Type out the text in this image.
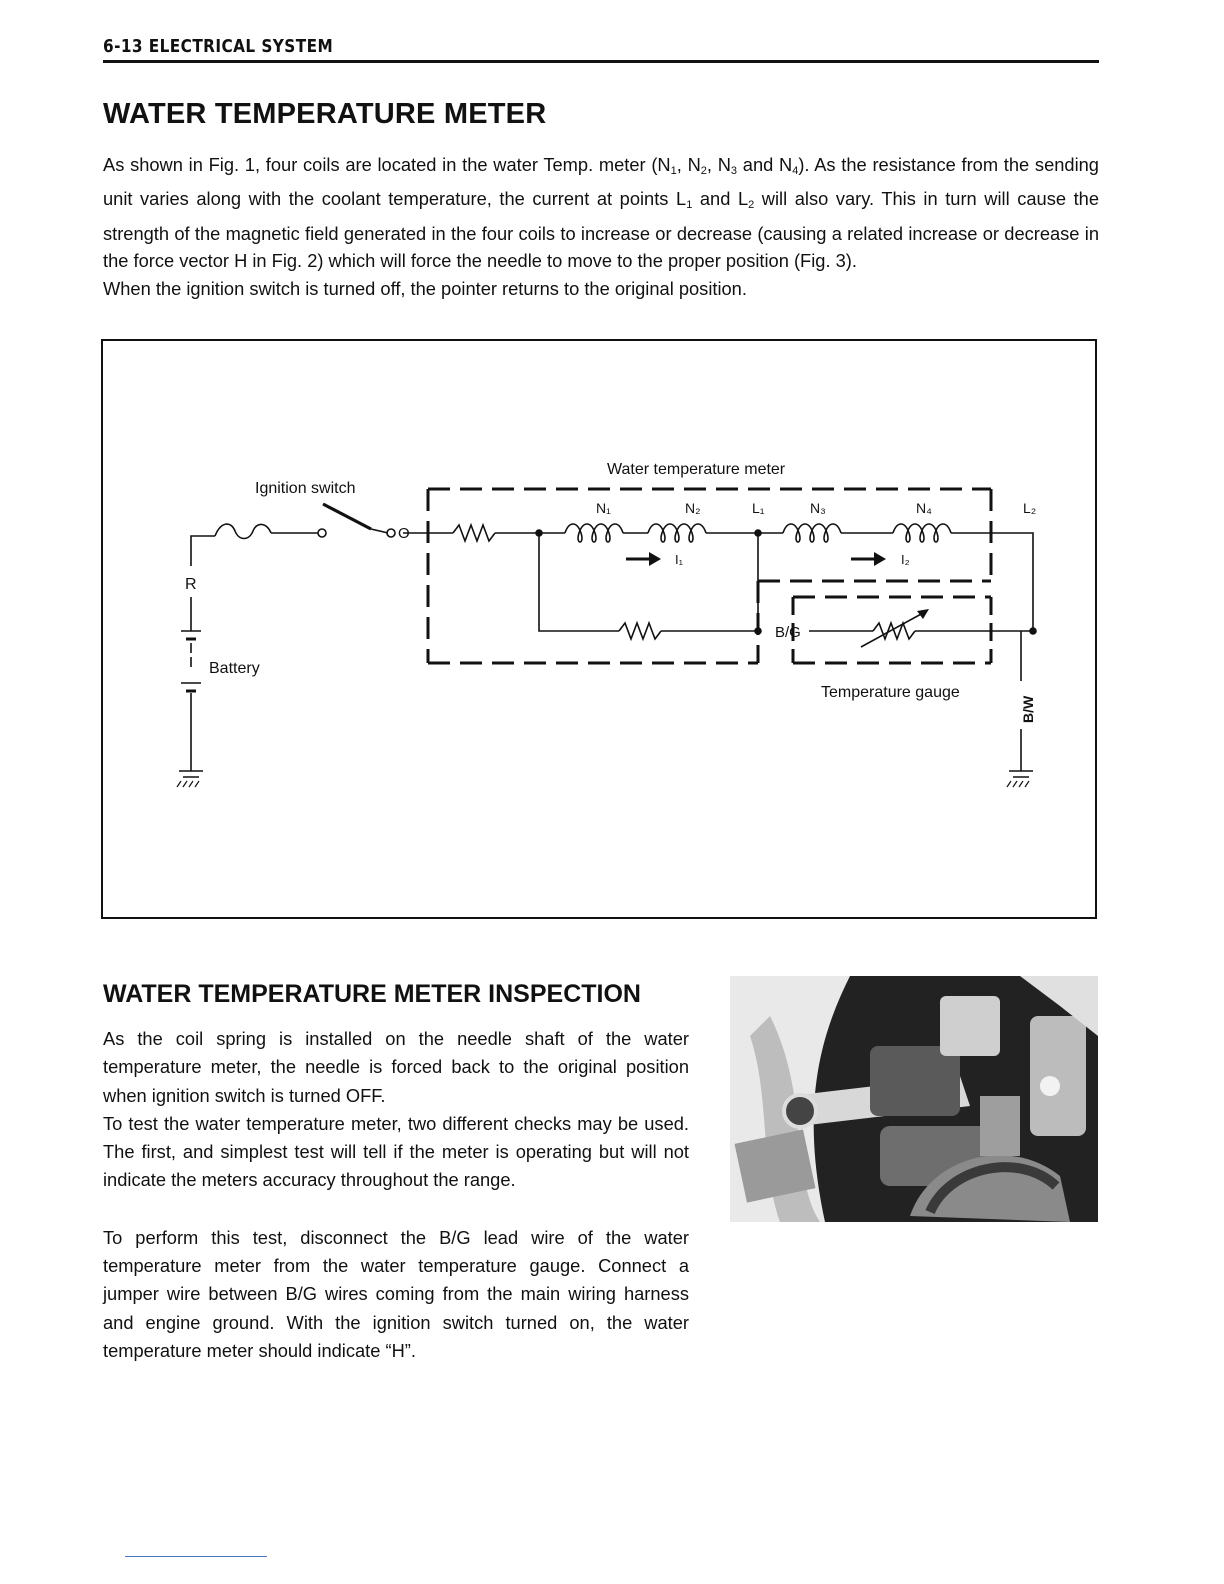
6-13 ELECTRICAL SYSTEM
WATER TEMPERATURE METER

As shown in Fig. 1, four coils are located in the water Temp. meter ($N_1$, $N_2$, $N_3$ and $N_4$). As the resistance from the sending unit varies along with the coolant temperature, the current at points $L_1$ and $L_2$ will also vary. This in turn will cause the strength of the magnetic field generated in the four coils to increase or decrease (causing a related increase or decrease in the force vector H in Fig. 2) which will force the needle to move to the proper position (Fig. 3).

When the ignition switch is turned off, the pointer returns to the original position.

Ignition switch
O
R
Battery
Water temperature meter
N₁	N₂	L₁	N₃	N₄	L₂
I₁	I₂
B/G
Temperature gauge
B/W
WATER TEMPERATURE METER INSPECTION

As the coil spring is installed on the needle shaft of the water temperature meter, the needle is forced back to the original position when ignition switch is turned OFF.

To test the water temperature meter, two different checks may be used. The first, and simplest test will tell if the meter is operating but will not indicate the meters accuracy throughout the range.

To perform this test, disconnect the B/G lead wire of the water temperature meter from the water temperature gauge. Connect a jumper wire between B/G wires coming from the main wiring harness and engine ground. With the ignition switch turned on, the water temperature meter should indicate “H”.
